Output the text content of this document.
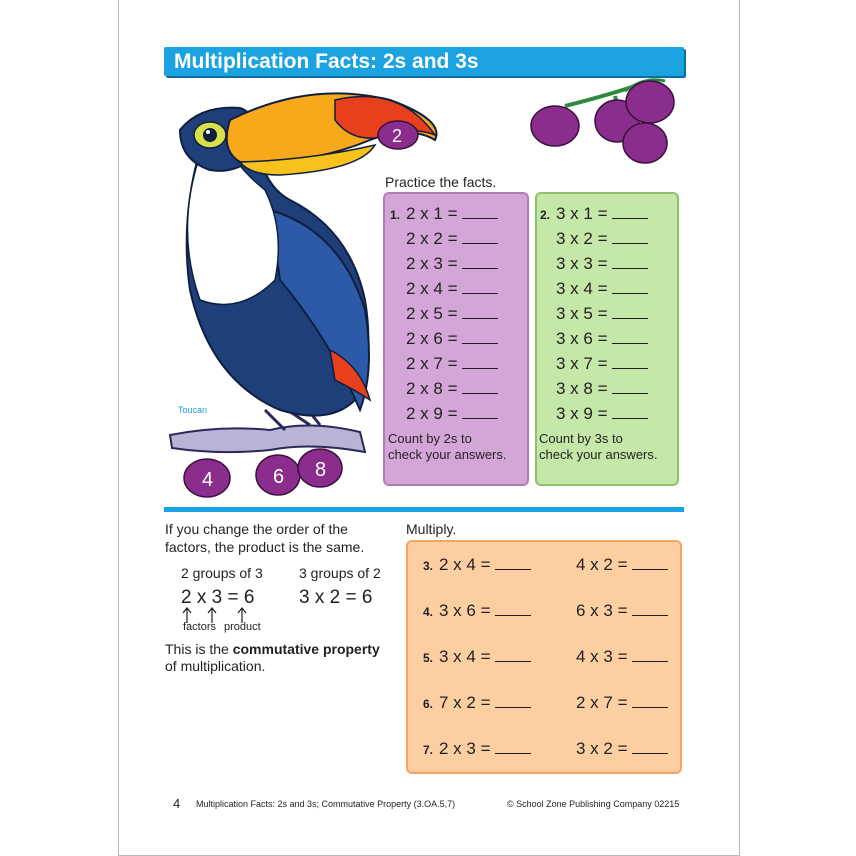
Multiplication Facts: 2s and 3s
2
4	6 8
Toucan
Practice the facts.
1. 2 x 1 =
2 x 2 =
2 x 3 =
2 x 4 =
2 x 5 =
2 x 6 =
2 x 7 =
2 x 8 =
2 x 9 =
2. 3 x 1 =
3 x 2 =
3 x 3 =
3 x 4 =
3 x 5 =
3 x 6 =
3 x 7 =
3 x 8 =
3 x 9 =
Count by 2s to
check your answers.
Count by 3s to
check your answers.
If you change the order of the
factors, the product is the same.
2 groups of 3	3 groups of 2
2 x 3 = 6 3 x 2 = 6
factors product
This is the commutative property
of multiplication.
Multiply.
3. 2 x 4 =	4 x 2 =
4. 3 x 6 =	6 x 3 =
5. 3 x 4 =	4 x 3 =
6. 7 x 2 =	2 x 7 =
7. 2 x 3 =	3 x 2 =
4 Multiplication Facts: 2s and 3s; Commutative Property (3.OA.5,7)	© School Zone Publishing Company 02215
